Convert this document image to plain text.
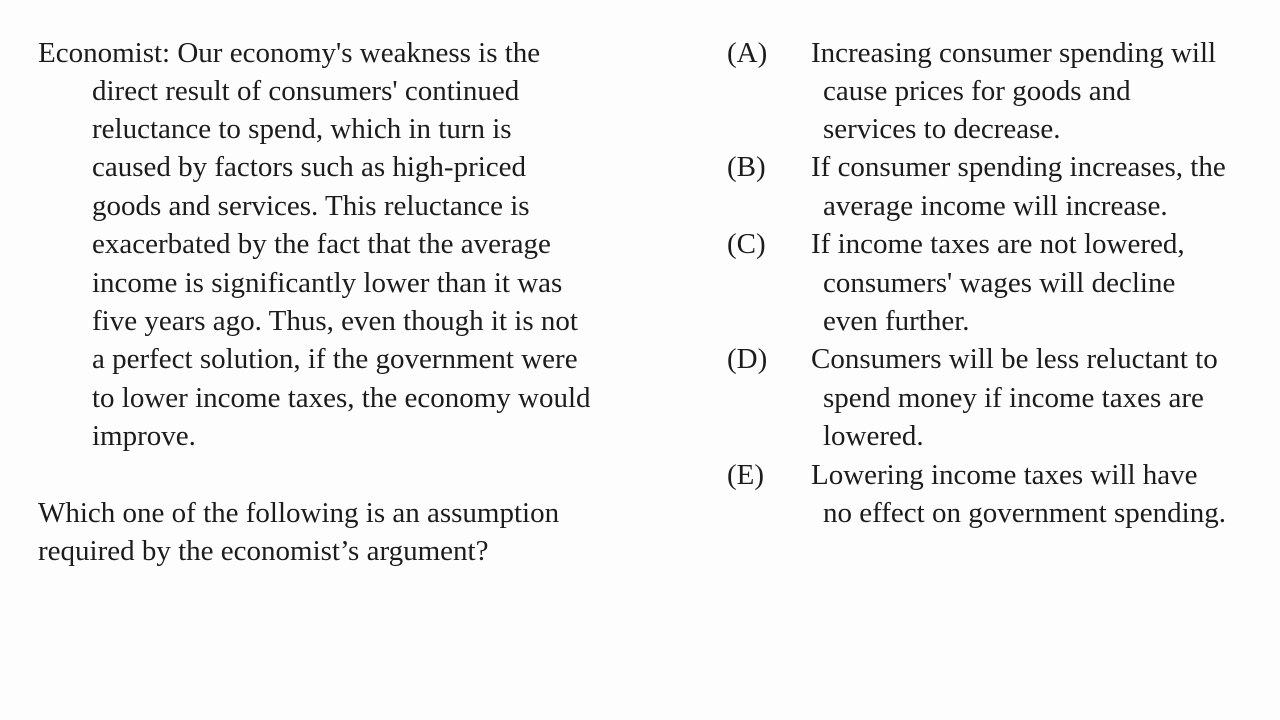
Economist: Our economy's weakness is the
direct result of consumers' continued
reluctance to spend, which in turn is
caused by factors such as high-priced
goods and services. This reluctance is
exacerbated by the fact that the average
income is significantly lower than it was
five years ago. Thus, even though it is not
a perfect solution, if the government were
to lower income taxes, the economy would
improve.
Which one of the following is an assumption
required by the economist’s argument?
(A) Increasing consumer spending will
cause prices for goods and
services to decrease.
(B) If consumer spending increases, the
average income will increase.
(C) If income taxes are not lowered,
consumers' wages will decline
even further.
(D) Consumers will be less reluctant to
spend money if income taxes are
lowered.
(E) Lowering income taxes will have
no effect on government spending.
